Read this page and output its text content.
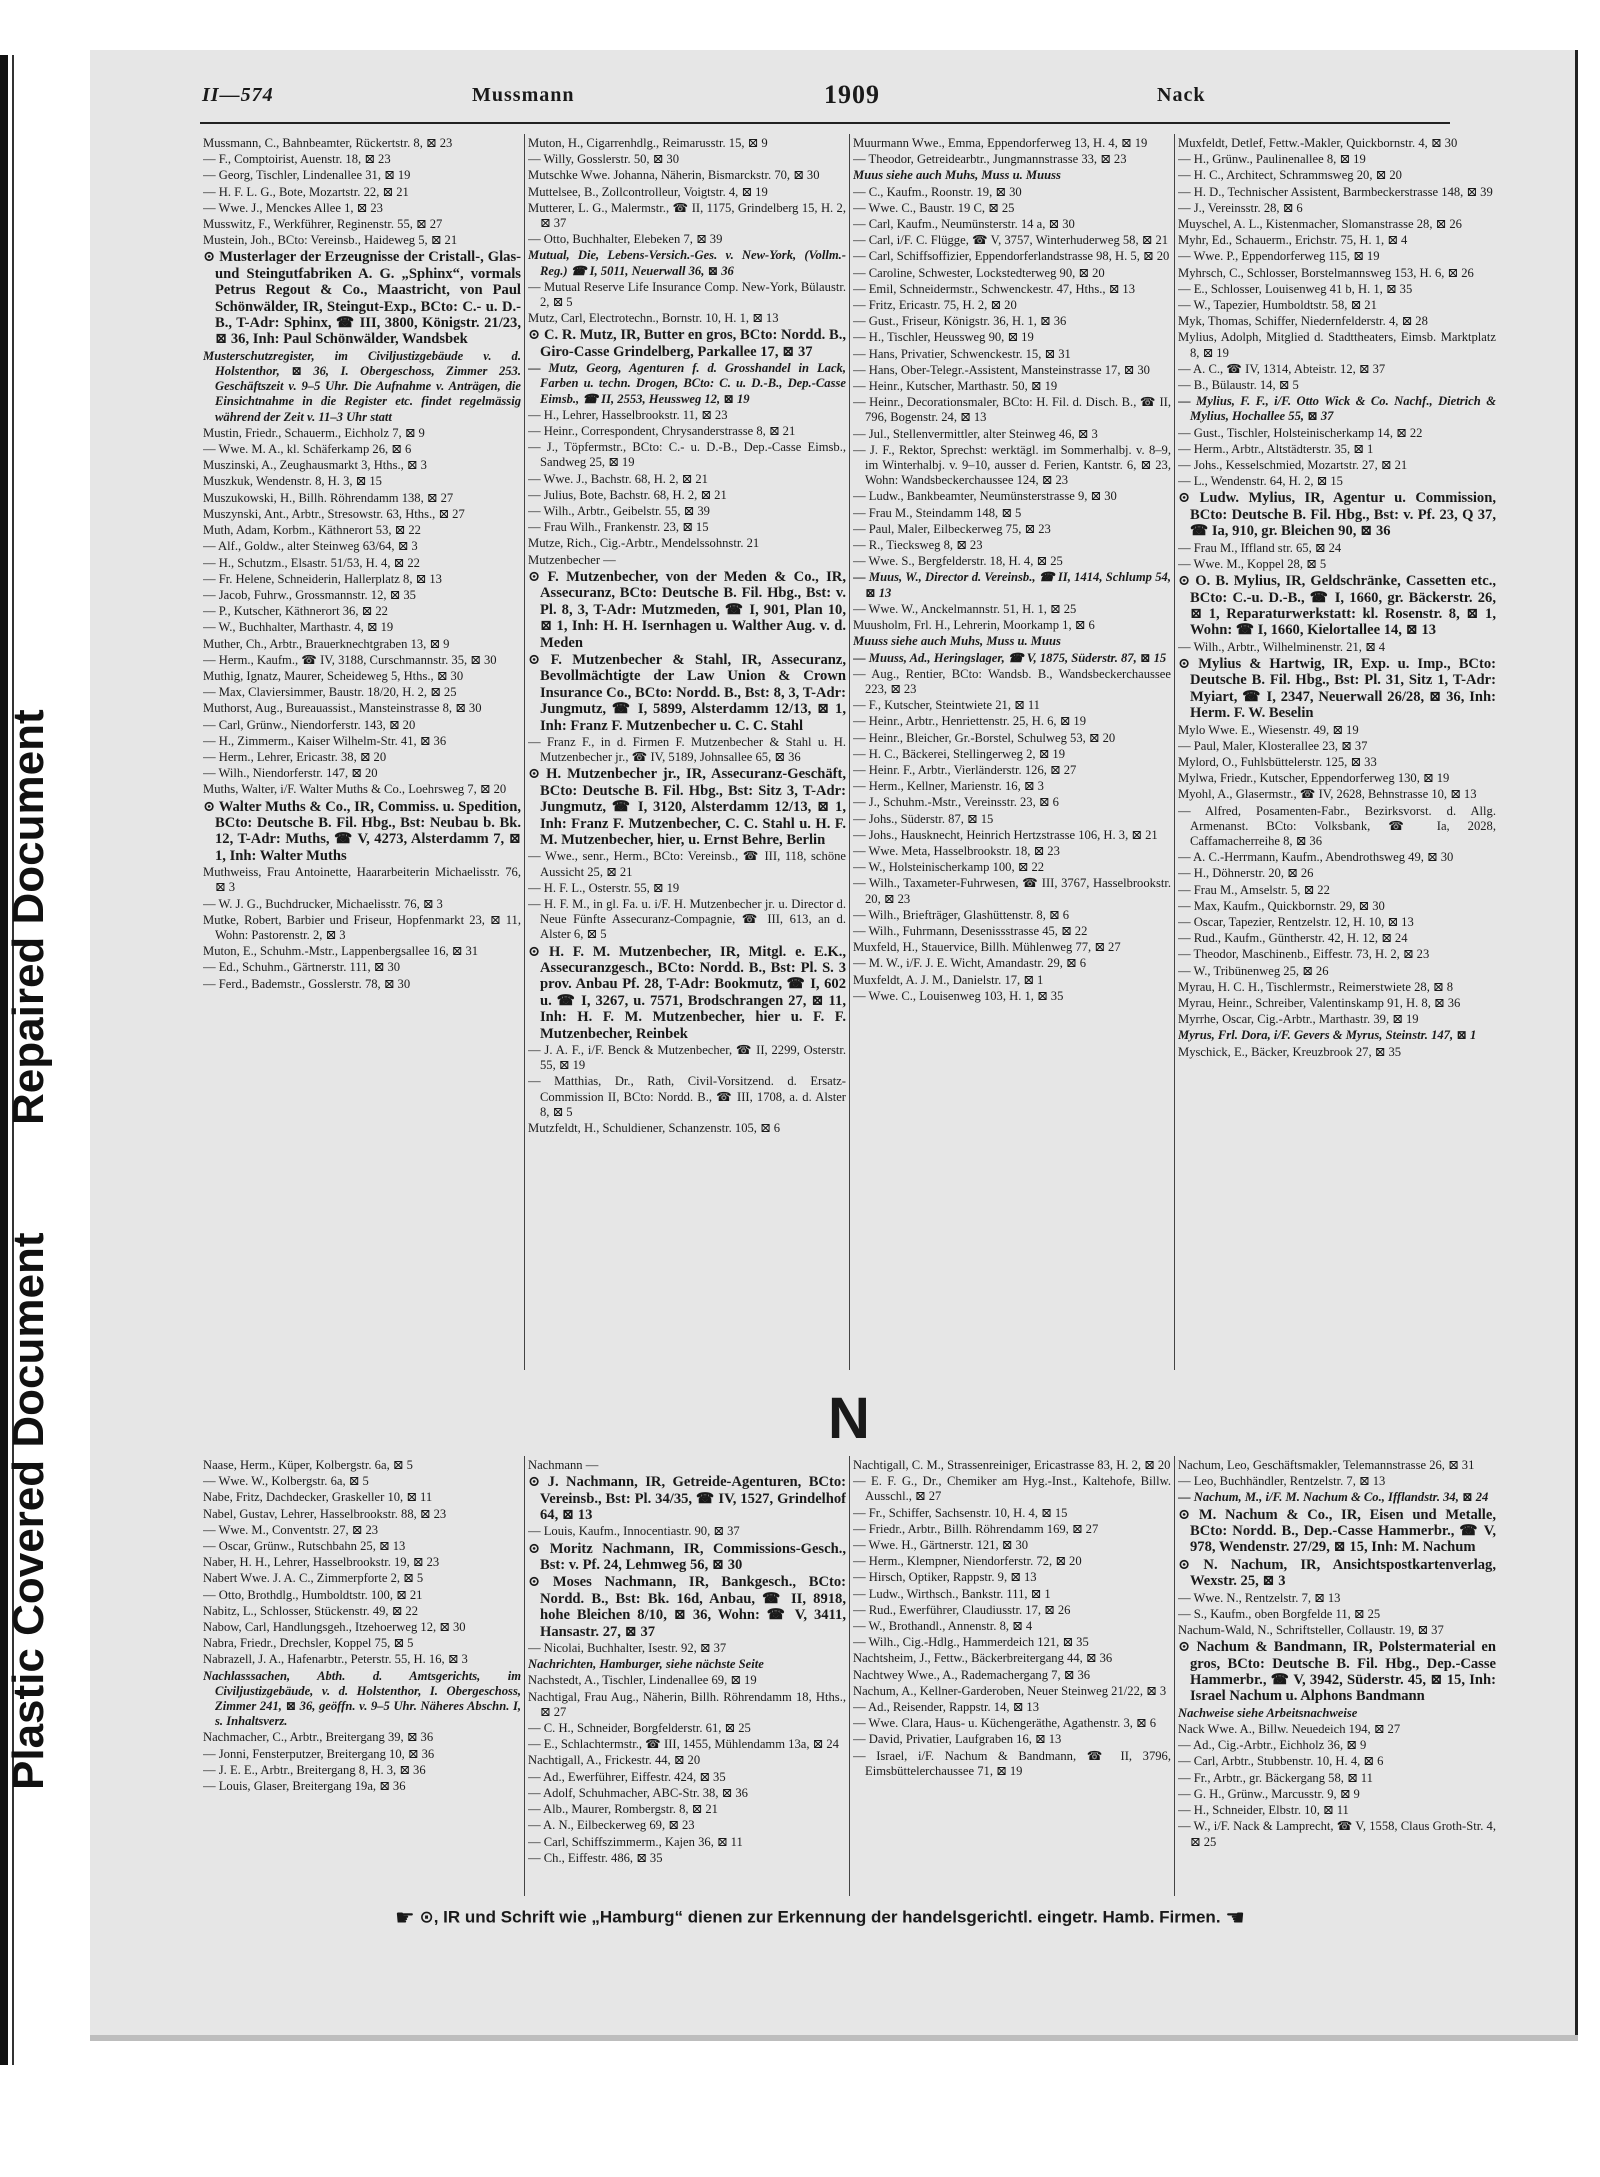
Repaired Document
Plastic Covered Document
II—574	Mussmann	1909	Nack

Mussmann, C., Bahnbeamter, Rückertstr. 8, ⊠ 23

— F., Comptoirist, Auenstr. 18, ⊠ 23

— Georg, Tischler, Lindenallee 31, ⊠ 19

— H. F. L. G., Bote, Mozartstr. 22, ⊠ 21

— Wwe. J., Menckes Allee 1, ⊠ 23

Musswitz, F., Werkführer, Reginenstr. 55, ⊠ 27

Mustein, Joh., BCto: Vereinsb., Haideweg 5, ⊠ 21

⊙ Musterlager der Erzeugnisse der Cristall-, Glas- und Steingutfabriken A. G. „Sphinx“, vormals Petrus Regout & Co., Maastricht, von Paul Schönwälder, IR, Steingut-Exp., BCto: C.- u. D.-B., T-Adr: Sphinx, ☎ III, 3800, Königstr. 21/23, ⊠ 36, Inh: Paul Schönwälder, Wandsbek

Musterschutzregister, im Civiljustizgebäude v. d. Holstenthor, ⊠ 36, I. Obergeschoss, Zimmer 253. Geschäftszeit v. 9–5 Uhr. Die Aufnahme v. Anträgen, die Einsichtnahme in die Register etc. findet regelmässig während der Zeit v. 11–3 Uhr statt

Mustin, Friedr., Schauerm., Eichholz 7, ⊠ 9

— Wwe. M. A., kl. Schäferkamp 26, ⊠ 6

Muszinski, A., Zeughausmarkt 3, Hths., ⊠ 3

Muszkuk, Wendenstr. 8, H. 3, ⊠ 15

Muszukowski, H., Billh. Röhrendamm 138, ⊠ 27

Muszynski, Ant., Arbtr., Stresowstr. 63, Hths., ⊠ 27

Muth, Adam, Korbm., Käthnerort 53, ⊠ 22

— Alf., Goldw., alter Steinweg 63/64, ⊠ 3

— H., Schutzm., Elsastr. 51/53, H. 4, ⊠ 22

— Fr. Helene, Schneiderin, Hallerplatz 8, ⊠ 13

— Jacob, Fuhrw., Grossmannstr. 12, ⊠ 35

— P., Kutscher, Käthnerort 36, ⊠ 22

— W., Buchhalter, Marthastr. 4, ⊠ 19

Muther, Ch., Arbtr., Brauerknechtgraben 13, ⊠ 9

— Herm., Kaufm., ☎ IV, 3188, Curschmannstr. 35, ⊠ 30

Muthig, Ignatz, Maurer, Scheideweg 5, Hths., ⊠ 30

— Max, Claviersimmer, Baustr. 18/20, H. 2, ⊠ 25

Muthorst, Aug., Bureauassist., Mansteinstrasse 8, ⊠ 30

— Carl, Grünw., Niendorferstr. 143, ⊠ 20

— H., Zimmerm., Kaiser Wilhelm-Str. 41, ⊠ 36

— Herm., Lehrer, Ericastr. 38, ⊠ 20

— Wilh., Niendorferstr. 147, ⊠ 20

Muths, Walter, i/F. Walter Muths & Co., Loehrsweg 7, ⊠ 20

⊙ Walter Muths & Co., IR, Commiss. u. Spedition, BCto: Deutsche B. Fil. Hbg., Bst: Neubau b. Bk. 12, T-Adr: Muths, ☎ V, 4273, Alsterdamm 7, ⊠ 1, Inh: Walter Muths

Muthweiss, Frau Antoinette, Haararbeiterin Michaelisstr. 76, ⊠ 3

— W. J. G., Buchdrucker, Michaelisstr. 76, ⊠ 3

Mutke, Robert, Barbier und Friseur, Hopfenmarkt 23, ⊠ 11, Wohn: Pastorenstr. 2, ⊠ 3

Muton, E., Schuhm.-Mstr., Lappenbergsallee 16, ⊠ 31

— Ed., Schuhm., Gärtnerstr. 111, ⊠ 30

— Ferd., Bademstr., Gosslerstr. 78, ⊠ 30

Muton, H., Cigarrenhdlg., Reimarusstr. 15, ⊠ 9

— Willy, Gosslerstr. 50, ⊠ 30

Mutschke Wwe. Johanna, Näherin, Bismarckstr. 70, ⊠ 30

Muttelsee, B., Zollcontrolleur, Voigtstr. 4, ⊠ 19

Mutterer, L. G., Malermstr., ☎ II, 1175, Grindelberg 15, H. 2, ⊠ 37

— Otto, Buchhalter, Elebeken 7, ⊠ 39

Mutual, Die, Lebens-Versich.-Ges. v. New-York, (Vollm.-Reg.) ☎ I, 5011, Neuerwall 36, ⊠ 36

— Mutual Reserve Life Insurance Comp. New-York, Bülaustr. 2, ⊠ 5

Mutz, Carl, Electrotechn., Bornstr. 10, H. 1, ⊠ 13

⊙ C. R. Mutz, IR, Butter en gros, BCto: Nordd. B., Giro-Casse Grindelberg, Parkallee 17, ⊠ 37

— Mutz, Georg, Agenturen f. d. Grosshandel in Lack, Farben u. techn. Drogen, BCto: C. u. D.-B., Dep.-Casse Eimsb., ☎ II, 2553, Heussweg 12, ⊠ 19

— H., Lehrer, Hasselbrookstr. 11, ⊠ 23

— Heinr., Correspondent, Chrysanderstrasse 8, ⊠ 21

— J., Töpfermstr., BCto: C.- u. D.-B., Dep.-Casse Eimsb., Sandweg 25, ⊠ 19

— Wwe. J., Bachstr. 68, H. 2, ⊠ 21

— Julius, Bote, Bachstr. 68, H. 2, ⊠ 21

— Wilh., Arbtr., Geibelstr. 55, ⊠ 39

— Frau Wilh., Frankenstr. 23, ⊠ 15

Mutze, Rich., Cig.-Arbtr., Mendelssohnstr. 21

Mutzenbecher —

⊙ F. Mutzenbecher, von der Meden & Co., IR, Assecuranz, BCto: Deutsche B. Fil. Hbg., Bst: v. Pl. 8, 3, T-Adr: Mutzmeden, ☎ I, 901, Plan 10, ⊠ 1, Inh: H. H. Isernhagen u. Walther Aug. v. d. Meden

⊙ F. Mutzenbecher & Stahl, IR, Assecuranz, Bevollmächtigte der Law Union & Crown Insurance Co., BCto: Nordd. B., Bst: 8, 3, T-Adr: Jungmutz, ☎ I, 5899, Alsterdamm 12/13, ⊠ 1, Inh: Franz F. Mutzenbecher u. C. C. Stahl

— Franz F., in d. Firmen F. Mutzenbecher & Stahl u. H. Mutzenbecher jr., ☎ IV, 5189, Johnsallee 65, ⊠ 36

⊙ H. Mutzenbecher jr., IR, Assecuranz-Geschäft, BCto: Deutsche B. Fil. Hbg., Bst: Sitz 3, T-Adr: Jungmutz, ☎ I, 3120, Alsterdamm 12/13, ⊠ 1, Inh: Franz F. Mutzenbecher, C. C. Stahl u. H. F. M. Mutzenbecher, hier, u. Ernst Behre, Berlin

— Wwe., senr., Herm., BCto: Vereinsb., ☎ III, 118, schöne Aussicht 25, ⊠ 21

— H. F. L., Osterstr. 55, ⊠ 19

— H. F. M., in gl. Fa. u. i/F. H. Mutzenbecher jr. u. Director d. Neue Fünfte Assecuranz-Compagnie, ☎ III, 613, an d. Alster 6, ⊠ 5

⊙ H. F. M. Mutzenbecher, IR, Mitgl. e. E.K., Assecuranzgesch., BCto: Nordd. B., Bst: Pl. S. 3 prov. Anbau Pf. 28, T-Adr: Bookmutz, ☎ I, 602 u. ☎ I, 3267, u. 7571, Brodschrangen 27, ⊠ 11, Inh: H. F. M. Mutzenbecher, hier u. F. F. Mutzenbecher, Reinbek

— J. A. F., i/F. Benck & Mutzenbecher, ☎ II, 2299, Osterstr. 55, ⊠ 19

— Matthias, Dr., Rath, Civil-Vorsitzend. d. Ersatz-Commission II, BCto: Nordd. B., ☎ III, 1708, a. d. Alster 8, ⊠ 5

Mutzfeldt, H., Schuldiener, Schanzenstr. 105, ⊠ 6

Muurmann Wwe., Emma, Eppendorferweg 13, H. 4, ⊠ 19

— Theodor, Getreidearbtr., Jungmannstrasse 33, ⊠ 23

Muus siehe auch Muhs, Muss u. Muuss

— C., Kaufm., Roonstr. 19, ⊠ 30

— Wwe. C., Baustr. 19 C, ⊠ 25

— Carl, Kaufm., Neumünsterstr. 14 a, ⊠ 30

— Carl, i/F. C. Flügge, ☎ V, 3757, Winterhuderweg 58, ⊠ 21

— Carl, Schiffsoffizier, Eppendorferlandstrasse 98, H. 5, ⊠ 20

— Caroline, Schwester, Lockstedterweg 90, ⊠ 20

— Emil, Schneidermstr., Schwenckestr. 47, Hths., ⊠ 13

— Fritz, Ericastr. 75, H. 2, ⊠ 20

— Gust., Friseur, Königstr. 36, H. 1, ⊠ 36

— H., Tischler, Heussweg 90, ⊠ 19

— Hans, Privatier, Schwenckestr. 15, ⊠ 31

— Hans, Ober-Telegr.-Assistent, Mansteinstrasse 17, ⊠ 30

— Heinr., Kutscher, Marthastr. 50, ⊠ 19

— Heinr., Decorationsmaler, BCto: H. Fil. d. Disch. B., ☎ II, 796, Bogenstr. 24, ⊠ 13

— Jul., Stellenvermittler, alter Steinweg 46, ⊠ 3

— J. F., Rektor, Sprechst: werktägl. im Sommerhalbj. v. 8–9, im Winterhalbj. v. 9–10, ausser d. Ferien, Kantstr. 6, ⊠ 23, Wohn: Wandsbeckerchaussee 124, ⊠ 23

— Ludw., Bankbeamter, Neumünsterstrasse 9, ⊠ 30

— Frau M., Steindamm 148, ⊠ 5

— Paul, Maler, Eilbeckerweg 75, ⊠ 23

— R., Tiecksweg 8, ⊠ 23

— Wwe. S., Bergfelderstr. 18, H. 4, ⊠ 25

— Muus, W., Director d. Vereinsb., ☎ II, 1414, Schlump 54, ⊠ 13

— Wwe. W., Anckelmannstr. 51, H. 1, ⊠ 25

Muusholm, Frl. H., Lehrerin, Moorkamp 1, ⊠ 6

Muuss siehe auch Muhs, Muss u. Muus

— Muuss, Ad., Heringslager, ☎ V, 1875, Süderstr. 87, ⊠ 15

— Aug., Rentier, BCto: Wandsb. B., Wandsbeckerchaussee 223, ⊠ 23

— F., Kutscher, Steintwiete 21, ⊠ 11

— Heinr., Arbtr., Henriettenstr. 25, H. 6, ⊠ 19

— Heinr., Bleicher, Gr.-Borstel, Schulweg 53, ⊠ 20

— H. C., Bäckerei, Stellingerweg 2, ⊠ 19

— Heinr. F., Arbtr., Vierländerstr. 126, ⊠ 27

— Herm., Kellner, Marienstr. 16, ⊠ 3

— J., Schuhm.-Mstr., Vereinsstr. 23, ⊠ 6

— Johs., Süderstr. 87, ⊠ 15

— Johs., Hausknecht, Heinrich Hertzstrasse 106, H. 3, ⊠ 21

— Wwe. Meta, Hasselbrookstr. 18, ⊠ 23

— W., Holsteinischerkamp 100, ⊠ 22

— Wilh., Taxameter-Fuhrwesen, ☎ III, 3767, Hasselbrookstr. 20, ⊠ 23

— Wilh., Briefträger, Glashüttenstr. 8, ⊠ 6

— Wilh., Fuhrmann, Desenissstrasse 45, ⊠ 22

Muxfeld, H., Stauervice, Billh. Mühlenweg 77, ⊠ 27

— M. W., i/F. J. E. Wicht, Amandastr. 29, ⊠ 6

Muxfeldt, A. J. M., Danielstr. 17, ⊠ 1

— Wwe. C., Louisenweg 103, H. 1, ⊠ 35

Muxfeldt, Detlef, Fettw.-Makler, Quickbornstr. 4, ⊠ 30

— H., Grünw., Paulinenallee 8, ⊠ 19

— H. C., Architect, Schrammsweg 20, ⊠ 20

— H. D., Technischer Assistent, Barmbeckerstrasse 148, ⊠ 39

— J., Vereinsstr. 28, ⊠ 6

Muyschel, A. L., Kistenmacher, Slomanstrasse 28, ⊠ 26

Myhr, Ed., Schauerm., Erichstr. 75, H. 1, ⊠ 4

— Wwe. P., Eppendorferweg 115, ⊠ 19

Myhrsch, C., Schlosser, Borstelmannsweg 153, H. 6, ⊠ 26

— E., Schlosser, Louisenweg 41 b, H. 1, ⊠ 35

— W., Tapezier, Humboldtstr. 58, ⊠ 21

Myk, Thomas, Schiffer, Niedernfelderstr. 4, ⊠ 28

Mylius, Adolph, Mitglied d. Stadttheaters, Eimsb. Marktplatz 8, ⊠ 19

— A. C., ☎ IV, 1314, Abteistr. 12, ⊠ 37

— B., Bülaustr. 14, ⊠ 5

— Mylius, F. F., i/F. Otto Wick & Co. Nachf., Dietrich & Mylius, Hochallee 55, ⊠ 37

— Gust., Tischler, Holsteinischerkamp 14, ⊠ 22

— Herm., Arbtr., Altstädterstr. 35, ⊠ 1

— Johs., Kesselschmied, Mozartstr. 27, ⊠ 21

— L., Wendenstr. 64, H. 2, ⊠ 15

⊙ Ludw. Mylius, IR, Agentur u. Commission, BCto: Deutsche B. Fil. Hbg., Bst: v. Pf. 23, Q 37, ☎ Ia, 910, gr. Bleichen 90, ⊠ 36

— Frau M., Iffland str. 65, ⊠ 24

— Wwe. M., Koppel 28, ⊠ 5

⊙ O. B. Mylius, IR, Geldschränke, Cassetten etc., BCto: C.-u. D.-B., ☎ I, 1660, gr. Bäckerstr. 26, ⊠ 1, Reparaturwerkstatt: kl. Rosenstr. 8, ⊠ 1, Wohn: ☎ I, 1660, Kielortallee 14, ⊠ 13

— Wilh., Arbtr., Wilhelminenstr. 21, ⊠ 4

⊙ Mylius & Hartwig, IR, Exp. u. Imp., BCto: Deutsche B. Fil. Hbg., Bst: Pl. 31, Sitz 1, T-Adr: Myiart, ☎ I, 2347, Neuerwall 26/28, ⊠ 36, Inh: Herm. F. W. Beselin

Mylo Wwe. E., Wiesenstr. 49, ⊠ 19

— Paul, Maler, Klosterallee 23, ⊠ 37

Mylord, O., Fuhlsbüttelerstr. 125, ⊠ 33

Mylwa, Friedr., Kutscher, Eppendorferweg 130, ⊠ 19

Myohl, A., Glasermstr., ☎ IV, 2628, Behnstrasse 10, ⊠ 13

— Alfred, Posamenten-Fabr., Bezirksvorst. d. Allg. Armenanst. BCto: Volksbank, ☎ Ia, 2028, Caffamacherreihe 8, ⊠ 36

— A. C.-Herrmann, Kaufm., Abendrothsweg 49, ⊠ 30

— H., Döhnerstr. 20, ⊠ 26

— Frau M., Amselstr. 5, ⊠ 22

— Max, Kaufm., Quickbornstr. 29, ⊠ 30

— Oscar, Tapezier, Rentzelstr. 12, H. 10, ⊠ 13

— Rud., Kaufm., Güntherstr. 42, H. 12, ⊠ 24

— Theodor, Maschinenb., Eiffestr. 73, H. 2, ⊠ 23

— W., Tribünenweg 25, ⊠ 26

Myrau, H. C. H., Tischlermstr., Reimerstwiete 28, ⊠ 8

Myrau, Heinr., Schreiber, Valentinskamp 91, H. 8, ⊠ 36

Myrrhe, Oscar, Cig.-Arbtr., Marthastr. 39, ⊠ 19

Myrus, Frl. Dora, i/F. Gevers & Myrus, Steinstr. 147, ⊠ 1

Myschick, E., Bäcker, Kreuzbrook 27, ⊠ 35

N

Naase, Herm., Küper, Kolbergstr. 6a, ⊠ 5

— Wwe. W., Kolbergstr. 6a, ⊠ 5

Nabe, Fritz, Dachdecker, Graskeller 10, ⊠ 11

Nabel, Gustav, Lehrer, Hasselbrookstr. 88, ⊠ 23

— Wwe. M., Conventstr. 27, ⊠ 23

— Oscar, Grünw., Rutschbahn 25, ⊠ 13

Naber, H. H., Lehrer, Hasselbrookstr. 19, ⊠ 23

Nabert Wwe. J. A. C., Zimmerpforte 2, ⊠ 5

— Otto, Brothdlg., Humboldtstr. 100, ⊠ 21

Nabitz, L., Schlosser, Stückenstr. 49, ⊠ 22

Nabow, Carl, Handlungsgeh., Itzehoerweg 12, ⊠ 30

Nabra, Friedr., Drechsler, Koppel 75, ⊠ 5

Nabrazell, J. A., Hafenarbtr., Peterstr. 55, H. 16, ⊠ 3

Nachlasssachen, Abth. d. Amtsgerichts, im Civiljustizgebäude, v. d. Holstenthor, I. Obergeschoss, Zimmer 241, ⊠ 36, geöffn. v. 9–5 Uhr. Näheres Abschn. I, s. Inhaltsverz.

Nachmacher, C., Arbtr., Breitergang 39, ⊠ 36

— Jonni, Fensterputzer, Breitergang 10, ⊠ 36

— J. E. E., Arbtr., Breitergang 8, H. 3, ⊠ 36

— Louis, Glaser, Breitergang 19a, ⊠ 36

Nachmann —

⊙ J. Nachmann, IR, Getreide-Agenturen, BCto: Vereinsb., Bst: Pl. 34/35, ☎ IV, 1527, Grindelhof 64, ⊠ 13

— Louis, Kaufm., Innocentiastr. 90, ⊠ 37

⊙ Moritz Nachmann, IR, Commissions-Gesch., Bst: v. Pf. 24, Lehmweg 56, ⊠ 30

⊙ Moses Nachmann, IR, Bankgesch., BCto: Nordd. B., Bst: Bk. 16d, Anbau, ☎ II, 8918, hohe Bleichen 8/10, ⊠ 36, Wohn: ☎ V, 3411, Hansastr. 27, ⊠ 37

— Nicolai, Buchhalter, Isestr. 92, ⊠ 37

Nachrichten, Hamburger, siehe nächste Seite

Nachstedt, A., Tischler, Lindenallee 69, ⊠ 19

Nachtigal, Frau Aug., Näherin, Billh. Röhrendamm 18, Hths., ⊠ 27

— C. H., Schneider, Borgfelderstr. 61, ⊠ 25

— E., Schlachtermstr., ☎ III, 1455, Mühlendamm 13a, ⊠ 24

Nachtigall, A., Frickestr. 44, ⊠ 20

— Ad., Ewerführer, Eiffestr. 424, ⊠ 35

— Adolf, Schuhmacher, ABC-Str. 38, ⊠ 36

— Alb., Maurer, Rombergstr. 8, ⊠ 21

— A. N., Eilbeckerweg 69, ⊠ 23

— Carl, Schiffszimmerm., Kajen 36, ⊠ 11

— Ch., Eiffestr. 486, ⊠ 35

Nachtigall, C. M., Strassenreiniger, Ericastrasse 83, H. 2, ⊠ 20

— E. F. G., Dr., Chemiker am Hyg.-Inst., Kaltehofe, Billw. Ausschl., ⊠ 27

— Fr., Schiffer, Sachsenstr. 10, H. 4, ⊠ 15

— Friedr., Arbtr., Billh. Röhrendamm 169, ⊠ 27

— Wwe. H., Gärtnerstr. 121, ⊠ 30

— Herm., Klempner, Niendorferstr. 72, ⊠ 20

— Hirsch, Optiker, Rappstr. 9, ⊠ 13

— Ludw., Wirthsch., Bankstr. 111, ⊠ 1

— Rud., Ewerführer, Claudiusstr. 17, ⊠ 26

— W., Brothandl., Annenstr. 8, ⊠ 4

— Wilh., Cig.-Hdlg., Hammerdeich 121, ⊠ 35

Nachtsheim, J., Fettw., Bäckerbreitergang 44, ⊠ 36

Nachtwey Wwe., A., Rademachergang 7, ⊠ 36

Nachum, A., Kellner-Garderoben, Neuer Steinweg 21/22, ⊠ 3

— Ad., Reisender, Rappstr. 14, ⊠ 13

— Wwe. Clara, Haus- u. Küchengeräthe, Agathenstr. 3, ⊠ 6

— David, Privatier, Laufgraben 16, ⊠ 13

— Israel, i/F. Nachum & Bandmann, ☎ II, 3796, Eimsbüttelerchaussee 71, ⊠ 19

Nachum, Leo, Geschäftsmakler, Telemannstrasse 26, ⊠ 31

— Leo, Buchhändler, Rentzelstr. 7, ⊠ 13

— Nachum, M., i/F. M. Nachum & Co., Ifflandstr. 34, ⊠ 24

⊙ M. Nachum & Co., IR, Eisen und Metalle, BCto: Nordd. B., Dep.-Casse Hammerbr., ☎ V, 978, Wendenstr. 27/29, ⊠ 15, Inh: M. Nachum

⊙ N. Nachum, IR, Ansichtspostkartenverlag, Wexstr. 25, ⊠ 3

— Wwe. N., Rentzelstr. 7, ⊠ 13

— S., Kaufm., oben Borgfelde 11, ⊠ 25

Nachum-Wald, N., Schriftsteller, Collaustr. 19, ⊠ 37

⊙ Nachum & Bandmann, IR, Polstermaterial en gros, BCto: Deutsche B. Fil. Hbg., Dep.-Casse Hammerbr., ☎ V, 3942, Süderstr. 45, ⊠ 15, Inh: Israel Nachum u. Alphons Bandmann

Nachweise siehe Arbeitsnachweise

Nack Wwe. A., Billw. Neuedeich 194, ⊠ 27

— Ad., Cig.-Arbtr., Eichholz 36, ⊠ 9

— Carl, Arbtr., Stubbenstr. 10, H. 4, ⊠ 6

— Fr., Arbtr., gr. Bäckergang 58, ⊠ 11

— G. H., Grünw., Marcusstr. 9, ⊠ 9

— H., Schneider, Elbstr. 10, ⊠ 11

— W., i/F. Nack & Lamprecht, ☎ V, 1558, Claus Groth-Str. 4, ⊠ 25

☛ ⊙, IR und Schrift wie „Hamburg“ dienen zur Erkennung der handelsgerichtl. eingetr. Hamb. Firmen. ☚
